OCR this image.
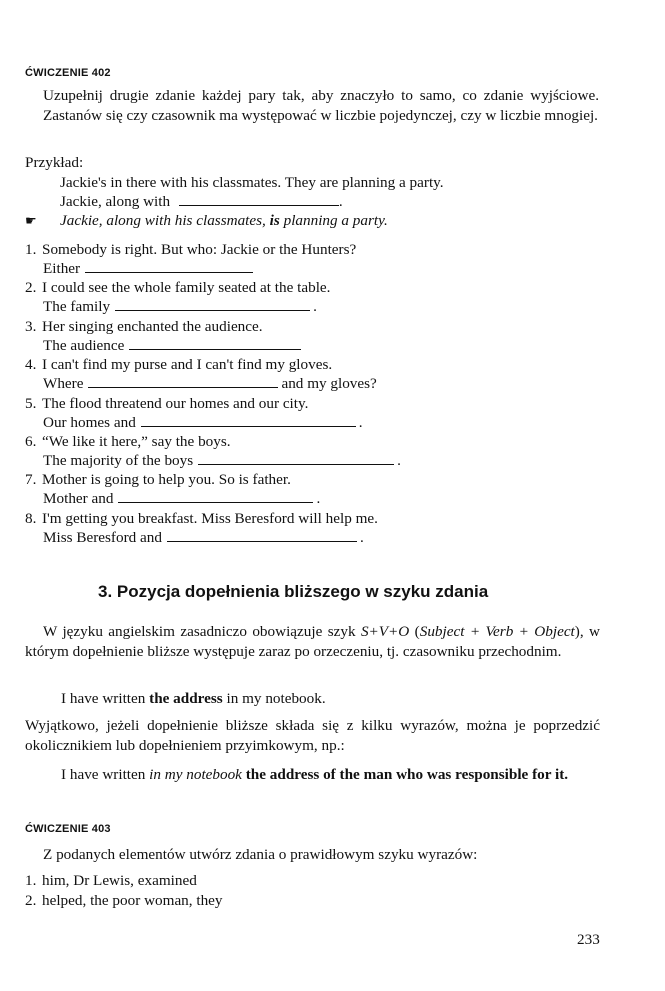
ĆWICZENIE 402
Uzupełnij drugie zdanie każdej pary tak, aby znaczyło to samo, co zdanie wyjściowe. Zastanów się czy czasownik ma występować w liczbie pojedynczej, czy w liczbie mnogiej.
Przykład:
Jackie's in there with his classmates. They are planning a party.
Jackie, along with	.
☛ Jackie, along with his classmates, is planning a party.
1. Somebody is right. But who: Jackie or the Hunters?
Either
2. I could see the whole family seated at the table.
The family	.
3. Her singing enchanted the audience.
The audience
4. I can't find my purse and I can't find my gloves.
Where	and my gloves?
5. The flood threatend our homes and our city.
Our homes and	.
6. “We like it here,” say the boys.
The majority of the boys	.
7. Mother is going to help you. So is father.
Mother and	.
8. I'm getting you breakfast. Miss Beresford will help me.
Miss Beresford and	.
3. Pozycja dopełnienia bliższego w szyku zdania
W języku angielskim zasadniczo obowiązuje szyk S+V+O (Subject + Verb + Object), w którym dopełnienie bliższe występuje zaraz po orzeczeniu, tj. czasowniku przechodnim.
I have written the address in my notebook.
Wyjątkowo, jeżeli dopełnienie bliższe składa się z kilku wyrazów, można je poprzedzić okolicznikiem lub dopełnieniem przyimkowym, np.:
I have written in my notebook the address of the man who was responsible for it.
ĆWICZENIE 403
Z podanych elementów utwórz zdania o prawidłowym szyku wyrazów:
1. him, Dr Lewis, examined
2. helped, the poor woman, they
233
